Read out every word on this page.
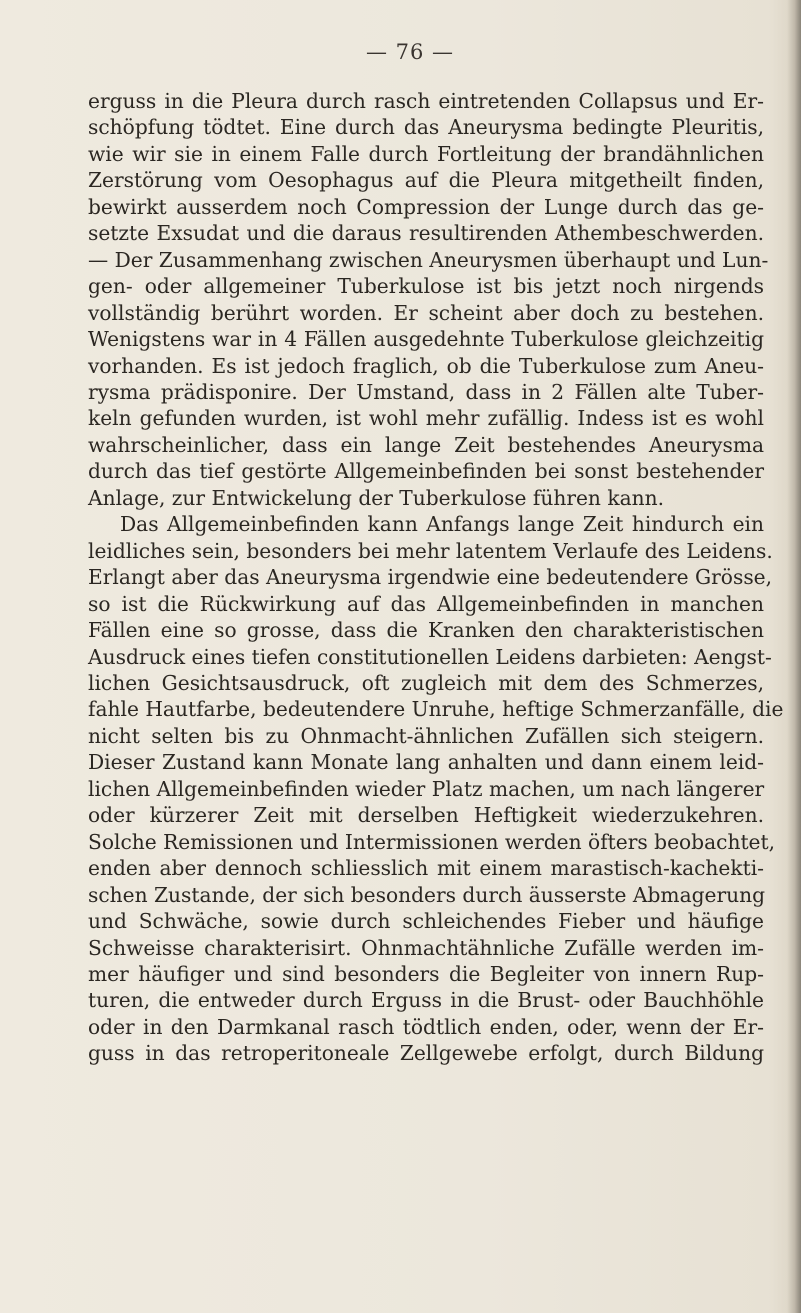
— 76 —
erguss in die Pleura durch rasch eintretenden Collapsus und Er-
schöpfung tödtet. Eine durch das Aneurysma bedingte Pleuritis,
wie wir sie in einem Falle durch Fortleitung der brandähnlichen
Zerstörung vom Oesophagus auf die Pleura mitgetheilt finden,
bewirkt ausserdem noch Compression der Lunge durch das ge-
setzte Exsudat und die daraus resultirenden Athembeschwerden.
— Der Zusammenhang zwischen Aneurysmen überhaupt und Lun-
gen- oder allgemeiner Tuberkulose ist bis jetzt noch nirgends
vollständig berührt worden. Er scheint aber doch zu bestehen.
Wenigstens war in 4 Fällen ausgedehnte Tuberkulose gleichzeitig
vorhanden. Es ist jedoch fraglich, ob die Tuberkulose zum Aneu-
rysma prädisponire. Der Umstand, dass in 2 Fällen alte Tuber-
keln gefunden wurden, ist wohl mehr zufällig. Indess ist es wohl
wahrscheinlicher, dass ein lange Zeit bestehendes Aneurysma
durch das tief gestörte Allgemeinbefinden bei sonst bestehender
Anlage, zur Entwickelung der Tuberkulose führen kann.
Das Allgemeinbefinden kann Anfangs lange Zeit hindurch ein
leidliches sein, besonders bei mehr latentem Verlaufe des Leidens.
Erlangt aber das Aneurysma irgendwie eine bedeutendere Grösse,
so ist die Rückwirkung auf das Allgemeinbefinden in manchen
Fällen eine so grosse, dass die Kranken den charakteristischen
Ausdruck eines tiefen constitutionellen Leidens darbieten: Aengst-
lichen Gesichtsausdruck, oft zugleich mit dem des Schmerzes,
fahle Hautfarbe, bedeutendere Unruhe, heftige Schmerzanfälle, die
nicht selten bis zu Ohnmacht-ähnlichen Zufällen sich steigern.
Dieser Zustand kann Monate lang anhalten und dann einem leid-
lichen Allgemeinbefinden wieder Platz machen, um nach längerer
oder kürzerer Zeit mit derselben Heftigkeit wiederzukehren.
Solche Remissionen und Intermissionen werden öfters beobachtet,
enden aber dennoch schliesslich mit einem marastisch-kachekti-
schen Zustande, der sich besonders durch äusserste Abmagerung
und Schwäche, sowie durch schleichendes Fieber und häufige
Schweisse charakterisirt. Ohnmachtähnliche Zufälle werden im-
mer häufiger und sind besonders die Begleiter von innern Rup-
turen, die entweder durch Erguss in die Brust- oder Bauchhöhle
oder in den Darmkanal rasch tödtlich enden, oder, wenn der Er-
guss in das retroperitoneale Zellgewebe erfolgt, durch Bildung
